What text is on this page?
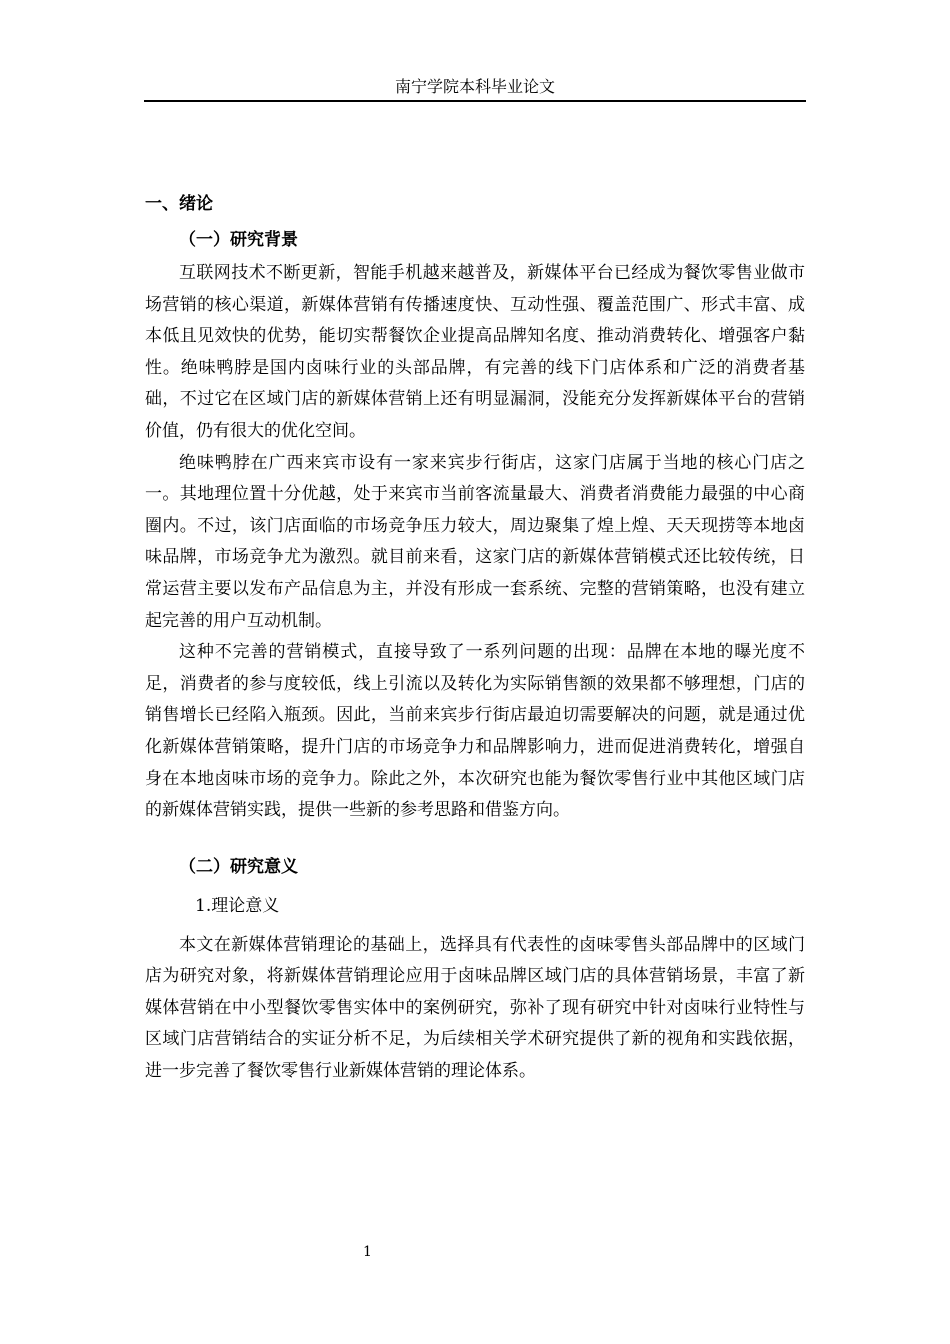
南宁学院本科毕业论文
一、绪论
（一）研究背景

互联网技术不断更新，智能手机越来越普及，新媒体平台已经成为餐饮零售业做市场营销的核心渠道，新媒体营销有传播速度快、互动性强、覆盖范围广、形式丰富、成本低且见效快的优势，能切实帮餐饮企业提高品牌知名度、推动消费转化、增强客户黏性。绝味鸭脖是国内卤味行业的头部品牌，有完善的线下门店体系和广泛的消费者基础，不过它在区域门店的新媒体营销上还有明显漏洞，没能充分发挥新媒体平台的营销价值，仍有很大的优化空间。

绝味鸭脖在广西来宾市设有一家来宾步行街店，这家门店属于当地的核心门店之一。其地理位置十分优越，处于来宾市当前客流量最大、消费者消费能力最强的中心商圈内。不过，该门店面临的市场竞争压力较大，周边聚集了煌上煌、天天现捞等本地卤味品牌，市场竞争尤为激烈。就目前来看，这家门店的新媒体营销模式还比较传统，日常运营主要以发布产品信息为主，并没有形成一套系统、完整的营销策略，也没有建立起完善的用户互动机制。

这种不完善的营销模式，直接导致了一系列问题的出现：品牌在本地的曝光度不足，消费者的参与度较低，线上引流以及转化为实际销售额的效果都不够理想，门店的销售增长已经陷入瓶颈。因此，当前来宾步行街店最迫切需要解决的问题，就是通过优化新媒体营销策略，提升门店的市场竞争力和品牌影响力，进而促进消费转化，增强自身在本地卤味市场的竞争力。除此之外，本次研究也能为餐饮零售行业中其他区域门店的新媒体营销实践，提供一些新的参考思路和借鉴方向。

（二）研究意义
1.理论意义

本文在新媒体营销理论的基础上，选择具有代表性的卤味零售头部品牌中的区域门店为研究对象，将新媒体营销理论应用于卤味品牌区域门店的具体营销场景，丰富了新媒体营销在中小型餐饮零售实体中的案例研究，弥补了现有研究中针对卤味行业特性与区域门店营销结合的实证分析不足，为后续相关学术研究提供了新的视角和实践依据，进一步完善了餐饮零售行业新媒体营销的理论体系。

1
